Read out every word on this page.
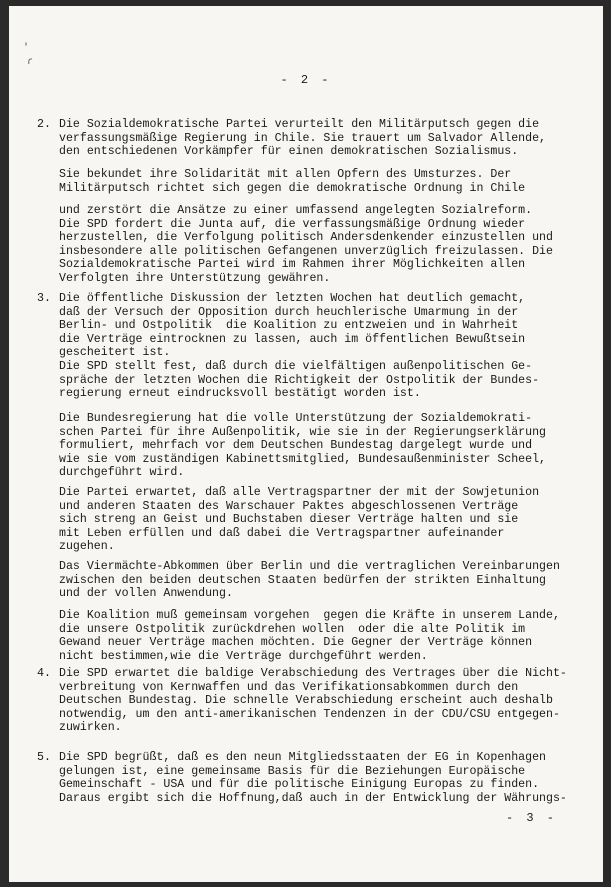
'
ɾ
- 2 -
2. Die Sozialdemokratische Partei verurteilt den Militärputsch gegen die
verfassungsmäßige Regierung in Chile. Sie trauert um Salvador Allende,
den entschiedenen Vorkämpfer für einen demokratischen Sozialismus.

Sie bekundet ihre Solidarität mit allen Opfern des Umsturzes. Der
Militärputsch richtet sich gegen die demokratische Ordnung in Chile

und zerstört die Ansätze zu einer umfassend angelegten Sozialreform.
Die SPD fordert die Junta auf, die verfassungsmäßige Ordnung wieder
herzustellen, die Verfolgung politisch Andersdenkender einzustellen und
insbesondere alle politischen Gefangenen unverzüglich freizulassen. Die
Sozialdemokratische Partei wird im Rahmen ihrer Möglichkeiten allen
Verfolgten ihre Unterstützung gewähren.

3. Die öffentliche Diskussion der letzten Wochen hat deutlich gemacht,
daß der Versuch der Opposition durch heuchlerische Umarmung in der
Berlin- und Ostpolitik  die Koalition zu entzweien und in Wahrheit
die Verträge eintrocknen zu lassen, auch im öffentlichen Bewußtsein
gescheitert ist.

Die SPD stellt fest, daß durch die vielfältigen außenpolitischen Ge-
spräche der letzten Wochen die Richtigkeit der Ostpolitik der Bundes-
regierung erneut eindrucksvoll bestätigt worden ist.

Die Bundesregierung hat die volle Unterstützung der Sozialdemokrati-
schen Partei für ihre Außenpolitik, wie sie in der Regierungserklärung
formuliert, mehrfach vor dem Deutschen Bundestag dargelegt wurde und
wie sie vom zuständigen Kabinettsmitglied, Bundesaußenminister Scheel,
durchgeführt wird.

Die Partei erwartet, daß alle Vertragspartner der mit der Sowjetunion
und anderen Staaten des Warschauer Paktes abgeschlossenen Verträge
sich streng an Geist und Buchstaben dieser Verträge halten und sie
mit Leben erfüllen und daß dabei die Vertragspartner aufeinander
zugehen.

Das Viermächte-Abkommen über Berlin und die vertraglichen Vereinbarungen
zwischen den beiden deutschen Staaten bedürfen der strikten Einhaltung
und der vollen Anwendung.

Die Koalition muß gemeinsam vorgehen  gegen die Kräfte in unserem Lande,
die unsere Ostpolitik zurückdrehen wollen  oder die alte Politik im
Gewand neuer Verträge machen möchten. Die Gegner der Verträge können
nicht bestimmen,wie die Verträge durchgeführt werden.

4. Die SPD erwartet die baldige Verabschiedung des Vertrages über die Nicht-
verbreitung von Kernwaffen und das Verifikationsabkommen durch den
Deutschen Bundestag. Die schnelle Verabschiedung erscheint auch deshalb
notwendig, um den anti-amerikanischen Tendenzen in der CDU/CSU entgegen-
zuwirken.

5. Die SPD begrüßt, daß es den neun Mitgliedsstaaten der EG in Kopenhagen
gelungen ist, eine gemeinsame Basis für die Beziehungen Europäische
Gemeinschaft - USA und für die politische Einigung Europas zu finden.
Daraus ergibt sich die Hoffnung,daß auch in der Entwicklung der Währungs-

- 3 -
